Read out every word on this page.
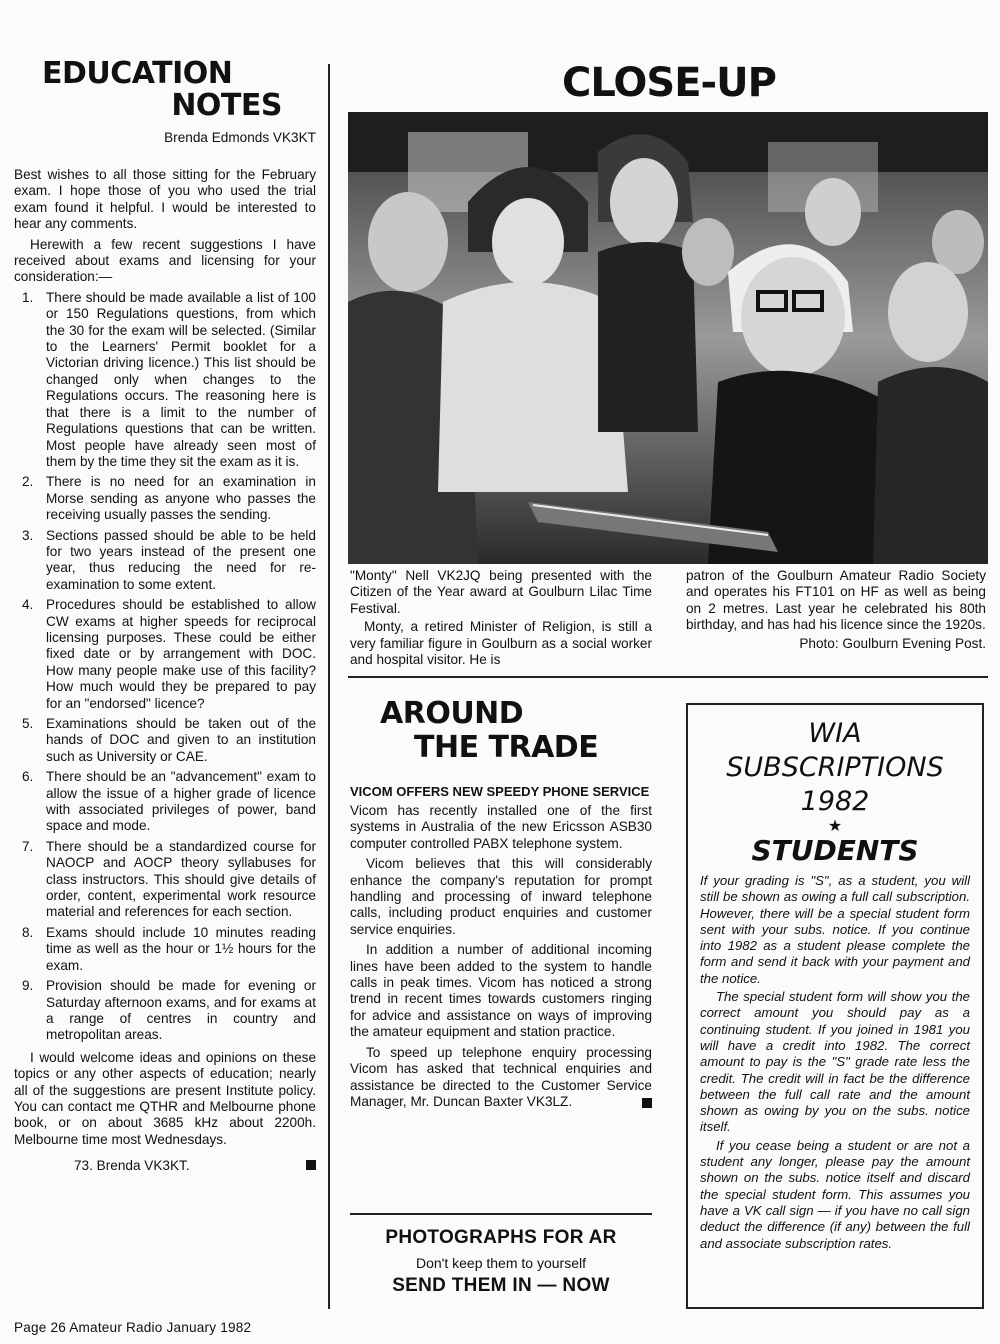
EDUCATION
NOTES
Brenda Edmonds VK3KT

Best wishes to all those sitting for the February exam. I hope those of you who used the trial exam found it helpful. I would be interested to hear any comments.

Herewith a few recent suggestions I have received about exams and licensing for your consideration:—

1. There should be made available a list of 100 or 150 Regulations questions, from which the 30 for the exam will be selected. (Similar to the Learners' Permit booklet for a Victorian driving licence.) This list should be changed only when changes to the Regulations occurs. The reasoning here is that there is a limit to the number of Regulations questions that can be written. Most people have already seen most of them by the time they sit the exam as it is.
2. There is no need for an examination in Morse sending as anyone who passes the receiving usually passes the sending.
3. Sections passed should be able to be held for two years instead of the present one year, thus reducing the need for re-examination to some extent.
4. Procedures should be established to allow CW exams at higher speeds for reciprocal licensing purposes. These could be either fixed date or by arrangement with DOC. How many people make use of this facility? How much would they be prepared to pay for an "endorsed" licence?
5. Examinations should be taken out of the hands of DOC and given to an institution such as University or CAE.
6. There should be an "advancement" exam to allow the issue of a higher grade of licence with associated privileges of power, band space and mode.
7. There should be a standardized course for NAOCP and AOCP theory syllabuses for class instructors. This should give details of order, content, experimental work resource material and references for each section.
8. Exams should include 10 minutes reading time as well as the hour or 1½ hours for the exam.
9. Provision should be made for evening or Saturday afternoon exams, and for exams at a range of centres in country and metropolitan areas.

I would welcome ideas and opinions on these topics or any other aspects of education; nearly all of the suggestions are present Institute policy. You can contact me QTHR and Melbourne phone book, or on about 3685 kHz about 2200h. Melbourne time most Wednesdays.

73. Brenda VK3KT.
Page 26 Amateur Radio January 1982
CLOSE-UP

"Monty" Nell VK2JQ being presented with the Citizen of the Year award at Goulburn Lilac Time Festival.

Monty, a retired Minister of Religion, is still a very familiar figure in Goulburn as a social worker and hospital visitor. He is

patron of the Goulburn Amateur Radio Society and operates his FT101 on HF as well as being on 2 metres. Last year he celebrated his 80th birthday, and has had his licence since the 1920s.

Photo: Goulburn Evening Post.

AROUND
THE TRADE
VICOM OFFERS NEW SPEEDY PHONE SERVICE

Vicom has recently installed one of the first systems in Australia of the new Ericsson ASB30 computer controlled PABX telephone system.

Vicom believes that this will considerably enhance the company's reputation for prompt handling and processing of inward telephone calls, including product enquiries and customer service enquiries.

In addition a number of additional incoming lines have been added to the system to handle calls in peak times. Vicom has noticed a strong trend in recent times towards customers ringing for advice and assistance on ways of improving the amateur equipment and station practice.

To speed up telephone enquiry processing Vicom has asked that technical enquiries and assistance be directed to the Customer Service Manager, Mr. Duncan Baxter VK3LZ.

PHOTOGRAPHS FOR AR
Don't keep them to yourself
SEND THEM IN — NOW
WIA
SUBSCRIPTIONS
1982
★
STUDENTS

If your grading is "S", as a student, you will still be shown as owing a full call subscription. However, there will be a special student form sent with your subs. notice. If you continue into 1982 as a student please complete the form and send it back with your payment and the notice.

The special student form will show you the correct amount you should pay as a continuing student. If you joined in 1981 you will have a credit into 1982. The correct amount to pay is the "S" grade rate less the credit. The credit will in fact be the difference between the full call rate and the amount shown as owing by you on the subs. notice itself.

If you cease being a student or are not a student any longer, please pay the amount shown on the subs. notice itself and discard the special student form. This assumes you have a VK call sign — if you have no call sign deduct the difference (if any) between the full and associate subscription rates.
